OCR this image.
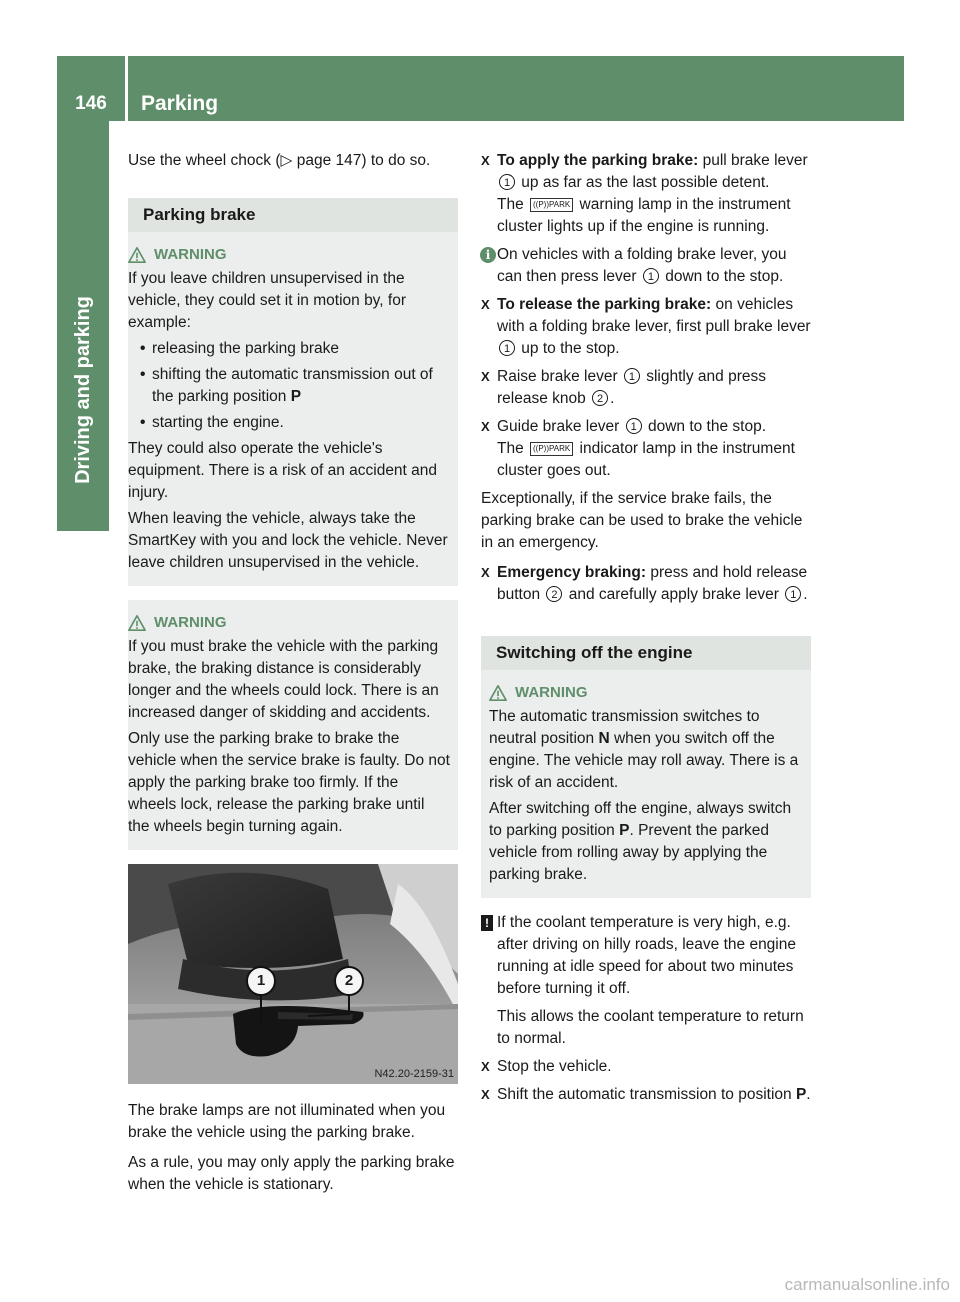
146	Parking
Driving and parking

Use the wheel chock (▷ page 147) to do so.

Parking brake
WARNING

If you leave children unsupervised in the vehicle, they could set it in motion by, for example:

• releasing the parking brake

• shifting the automatic transmission out of the parking position P

• starting the engine.

They could also operate the vehicle's equipment. There is a risk of an accident and injury.

When leaving the vehicle, always take the SmartKey with you and lock the vehicle. Never leave children unsupervised in the vehicle.

WARNING

If you must brake the vehicle with the parking brake, the braking distance is considerably longer and the wheels could lock. There is an increased danger of skidding and accidents.

Only use the parking brake to brake the vehicle when the service brake is faulty. Do not apply the parking brake too firmly. If the wheels lock, release the parking brake until the wheels begin turning again.

1	2
N42.20-2159-31

The brake lamps are not illuminated when you brake the vehicle using the parking brake.

As a rule, you may only apply the parking brake when the vehicle is stationary.

X To apply the parking brake: pull brake lever 1 up as far as the last possible detent.
The ((P))PARK warning lamp in the instrument cluster lights up if the engine is running.
i On vehicles with a folding brake lever, you can then press lever 1 down to the stop.
X To release the parking brake: on vehicles with a folding brake lever, first pull brake lever 1 up to the stop.
X Raise brake lever 1 slightly and press release knob 2 .
X Guide brake lever 1 down to the stop.
The ((P))PARK indicator lamp in the instrument cluster goes out.

Exceptionally, if the service brake fails, the parking brake can be used to brake the vehicle in an emergency.

X Emergency braking: press and hold release button 2 and carefully apply brake lever 1 .
Switching off the engine
WARNING

The automatic transmission switches to neutral position N when you switch off the engine. The vehicle may roll away. There is a risk of an accident.

After switching off the engine, always switch to parking position P. Prevent the parked vehicle from rolling away by applying the parking brake.

! If the coolant temperature is very high, e.g. after driving on hilly roads, leave the engine running at idle speed for about two minutes before turning it off.

This allows the coolant temperature to return to normal.

X Stop the vehicle.
X Shift the automatic transmission to position P.
carmanualsonline.info
